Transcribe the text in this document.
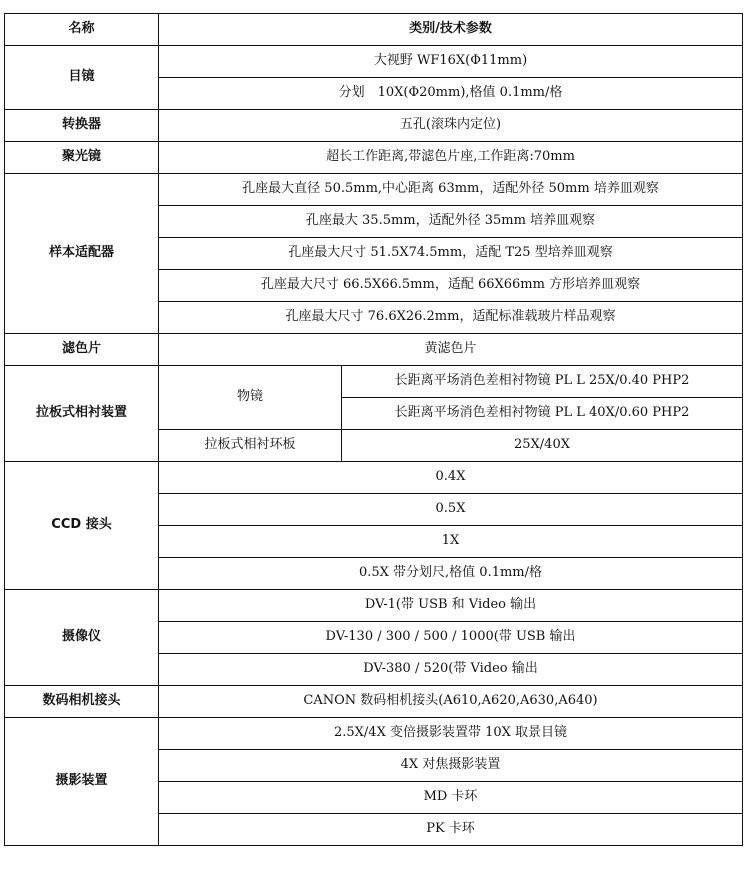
名称	类别/技术参数	
目镜	大视野 WF16X(Φ11mm)	
	分划　10X(Φ20mm),格值 0.1mm/格	
转换器	五孔(滚珠内定位)	
聚光镜	超长工作距离,带滤色片座,工作距离:70mm	
样本适配器	孔座最大直径 50.5mm,中心距离 63mm，适配外径 50mm 培养皿观察	
	孔座最大 35.5mm，适配外径 35mm 培养皿观察	
	孔座最大尺寸 51.5X74.5mm，适配 T25 型培养皿观察	
	孔座最大尺寸 66.5X66.5mm，适配 66X66mm 方形培养皿观察	
	孔座最大尺寸 76.6X26.2mm，适配标准载玻片样品观察	
滤色片	黄滤色片	
拉板式相衬装置	物镜	长距离平场消色差相衬物镜 PL L 25X/0.40 PHP2
		长距离平场消色差相衬物镜 PL L 40X/0.60 PHP2
	拉板式相衬环板	25X/40X
CCD 接头	0.4X	
	0.5X	
	1X	
	0.5X 带分划尺,格值 0.1mm/格	
摄像仪	DV-1(带 USB 和 Video 输出	
	DV-130 / 300 / 500 / 1000(带 USB 输出	
	DV-380 / 520(带 Video 输出	
数码相机接头	CANON 数码相机接头(A610,A620,A630,A640)	
摄影装置	2.5X/4X 变倍摄影装置带 10X 取景目镜	
	4X 对焦摄影装置	
	MD 卡环	
	PK 卡环	
